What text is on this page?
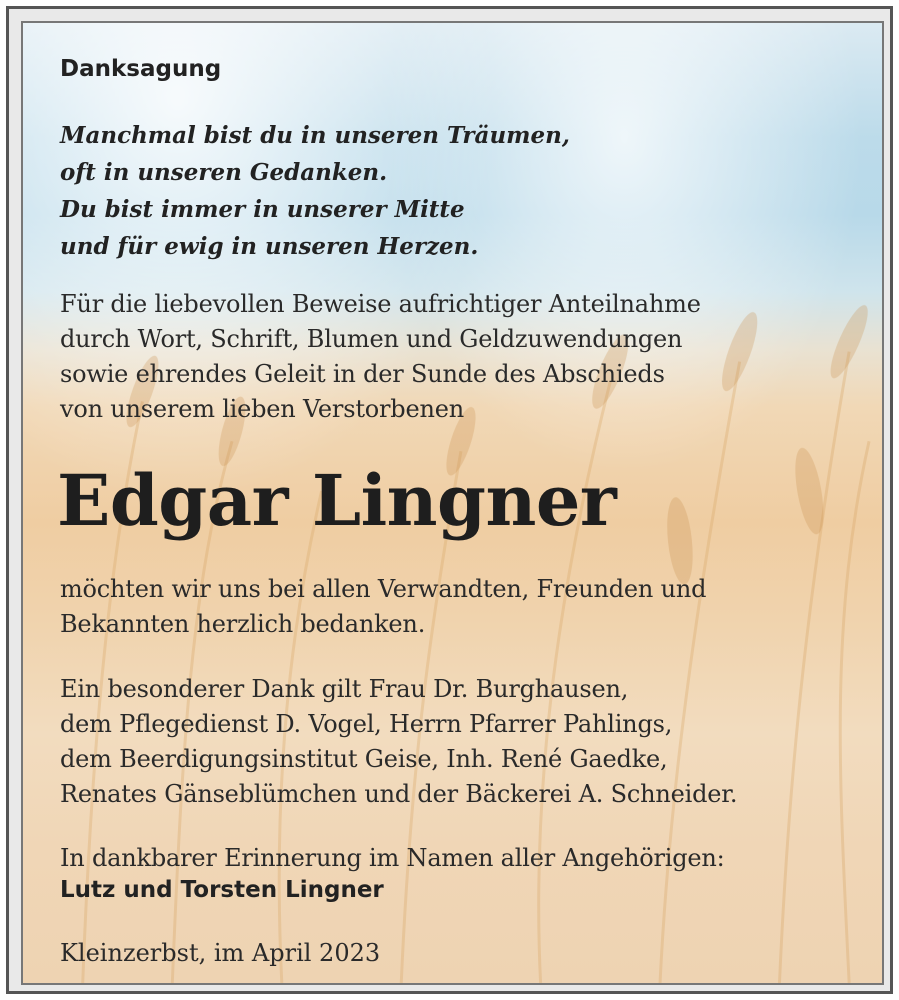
Danksagung
Manchmal bist du in unseren Träumen,
oft in unseren Gedanken.
Du bist immer in unserer Mitte
und für ewig in unseren Herzen.
Für die liebevollen Beweise aufrichtiger Anteilnahme
durch Wort, Schrift, Blumen und Geldzuwendungen
sowie ehrendes Geleit in der Sunde des Abschieds
von unserem lieben Verstorbenen
Edgar Lingner
möchten wir uns bei allen Verwandten, Freunden und
Bekannten herzlich bedanken.
Ein besonderer Dank gilt Frau Dr. Burghausen,
dem Pflegedienst D. Vogel, Herrn Pfarrer Pahlings,
dem Beerdigungsinstitut Geise, Inh. René Gaedke,
Renates Gänseblümchen und der Bäckerei A. Schneider.
In dankbarer Erinnerung im Namen aller Angehörigen:
Lutz und Torsten Lingner
Kleinzerbst, im April 2023
